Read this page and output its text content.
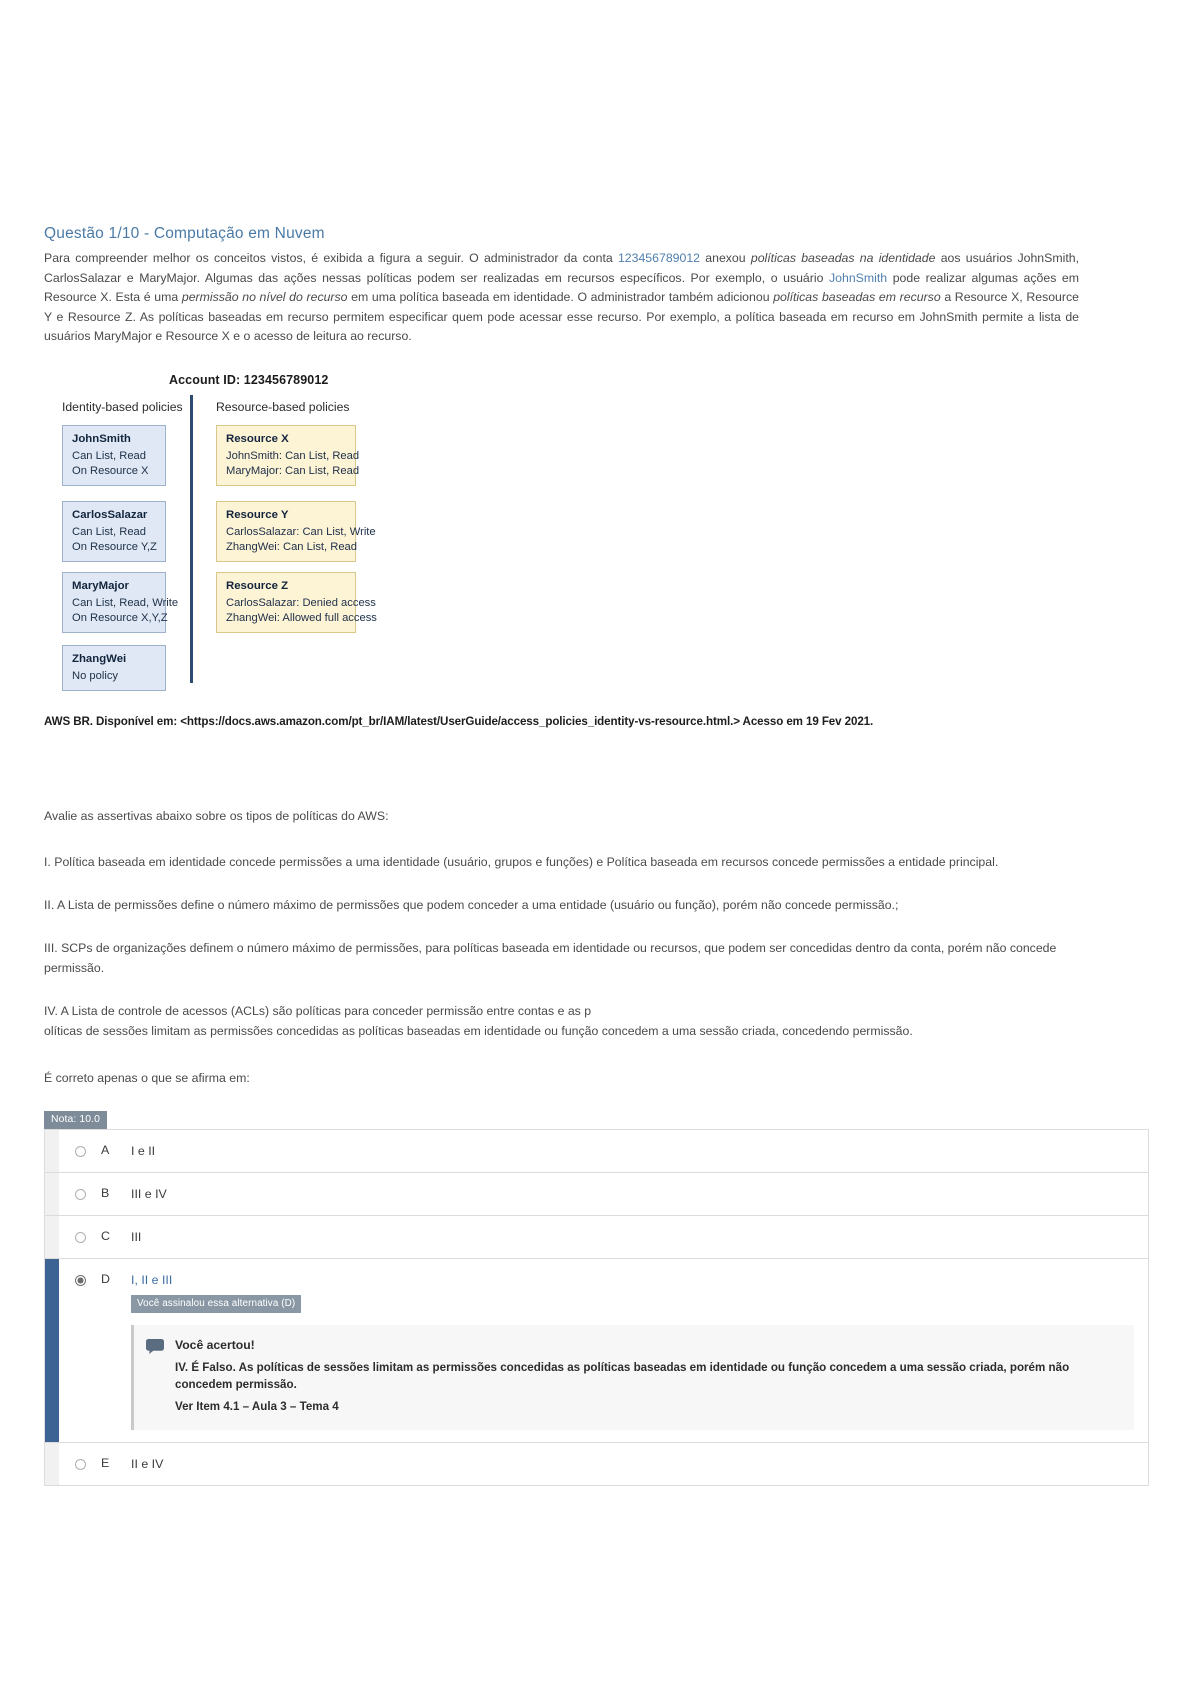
Questão 1/10 - Computação em Nuvem

Para compreender melhor os conceitos vistos, é exibida a figura a seguir. O administrador da conta 123456789012 anexou políticas baseadas na identidade aos usuários JohnSmith, CarlosSalazar e MaryMajor. Algumas das ações nessas políticas podem ser realizadas em recursos específicos. Por exemplo, o usuário JohnSmith pode realizar algumas ações em Resource X. Esta é uma permissão no nível do recurso em uma política baseada em identidade. O administrador também adicionou políticas baseadas em recurso a Resource X, Resource Y e Resource Z. As políticas baseadas em recurso permitem especificar quem pode acessar esse recurso. Por exemplo, a política baseada em recurso em JohnSmith permite a lista de usuários MaryMajor e Resource X e o acesso de leitura ao recurso.

Account ID: 123456789012
Identity-based policies	Resource-based policies
JohnSmith
Can List, Read
On Resource X
CarlosSalazar
Can List, Read
On Resource Y,Z
MaryMajor
Can List, Read, Write
On Resource X,Y,Z
ZhangWei
No policy
Resource X
JohnSmith: Can List, Read
MaryMajor: Can List, Read
Resource Y
CarlosSalazar: Can List, Write
ZhangWei: Can List, Read
Resource Z
CarlosSalazar: Denied access
ZhangWei: Allowed full access
AWS BR. Disponível em: <https://docs.aws.amazon.com/pt_br/IAM/latest/UserGuide/access_policies_identity-vs-resource.html.> Acesso em 19 Fev 2021.

Avalie as assertivas abaixo sobre os tipos de políticas do AWS:

I. Política baseada em identidade concede permissões a uma identidade (usuário, grupos e funções) e Política baseada em recursos concede permissões a entidade principal.

II. A Lista de permissões define o número máximo de permissões que podem conceder a uma entidade (usuário ou função), porém não concede permissão.;

III. SCPs de organizações definem o número máximo de permissões, para políticas baseada em identidade ou recursos, que podem ser concedidas dentro da conta, porém não concede permissão.

IV. A Lista de controle de acessos (ACLs) são políticas para conceder permissão entre contas e as p

olíticas de sessões limitam as permissões concedidas as políticas baseadas em identidade ou função concedem a uma sessão criada, concedendo permissão.

É correto apenas o que se afirma em:
Nota: 10.0
A	I e II
B	III e IV
C	III
D	I, II e III
Você assinalou essa alternativa (D)
Você acertou!
IV. É Falso. As políticas de sessões limitam as permissões concedidas as políticas baseadas em identidade ou função concedem a uma sessão criada, porém não concedem permissão.
Ver Item 4.1 – Aula 3 – Tema 4
E	II e IV
